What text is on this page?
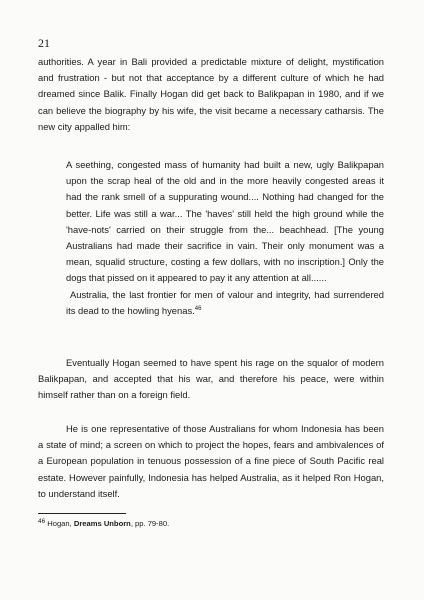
21

authorities. A year in Bali provided a predictable mixture of delight, mystification and frustration - but not that acceptance by a different culture of which he had dreamed since Balik. Finally Hogan did get back to Balikpapan in 1980, and if we can believe the biography by his wife, the visit became a necessary catharsis. The new city appalled him:

A seething, congested mass of humanity had built a new, ugly Balikpapan upon the scrap heal of the old and in the more heavily congested areas it had the rank smell of a suppurating wound.... Nothing had changed for the better. Life was still a war... The 'haves' still held the high ground while the 'have-nots' carried on their struggle from the... beachhead. [The young Australians had made their sacrifice in vain. Their only monument was a mean, squalid structure, costing a few dollars, with no inscription.] Only the dogs that pissed on it appeared to pay it any attention at all......
Australia, the last frontier for men of valour and integrity, had surrendered its dead to the howling hyenas.$^{46}$

Eventually Hogan seemed to have spent his rage on the squalor of modern Balikpapan, and accepted that his war, and therefore his peace, were within himself rather than on a foreign field.

He is one representative of those Australians for whom Indonesia has been a state of mind; a screen on which to project the hopes, fears and ambivalences of a European population in tenuous possession of a fine piece of South Pacific real estate. However painfully, Indonesia has helped Australia, as it helped Ron Hogan, to understand itself.

$^{46}$ Hogan, Dreams Unborn, pp. 79-80.
